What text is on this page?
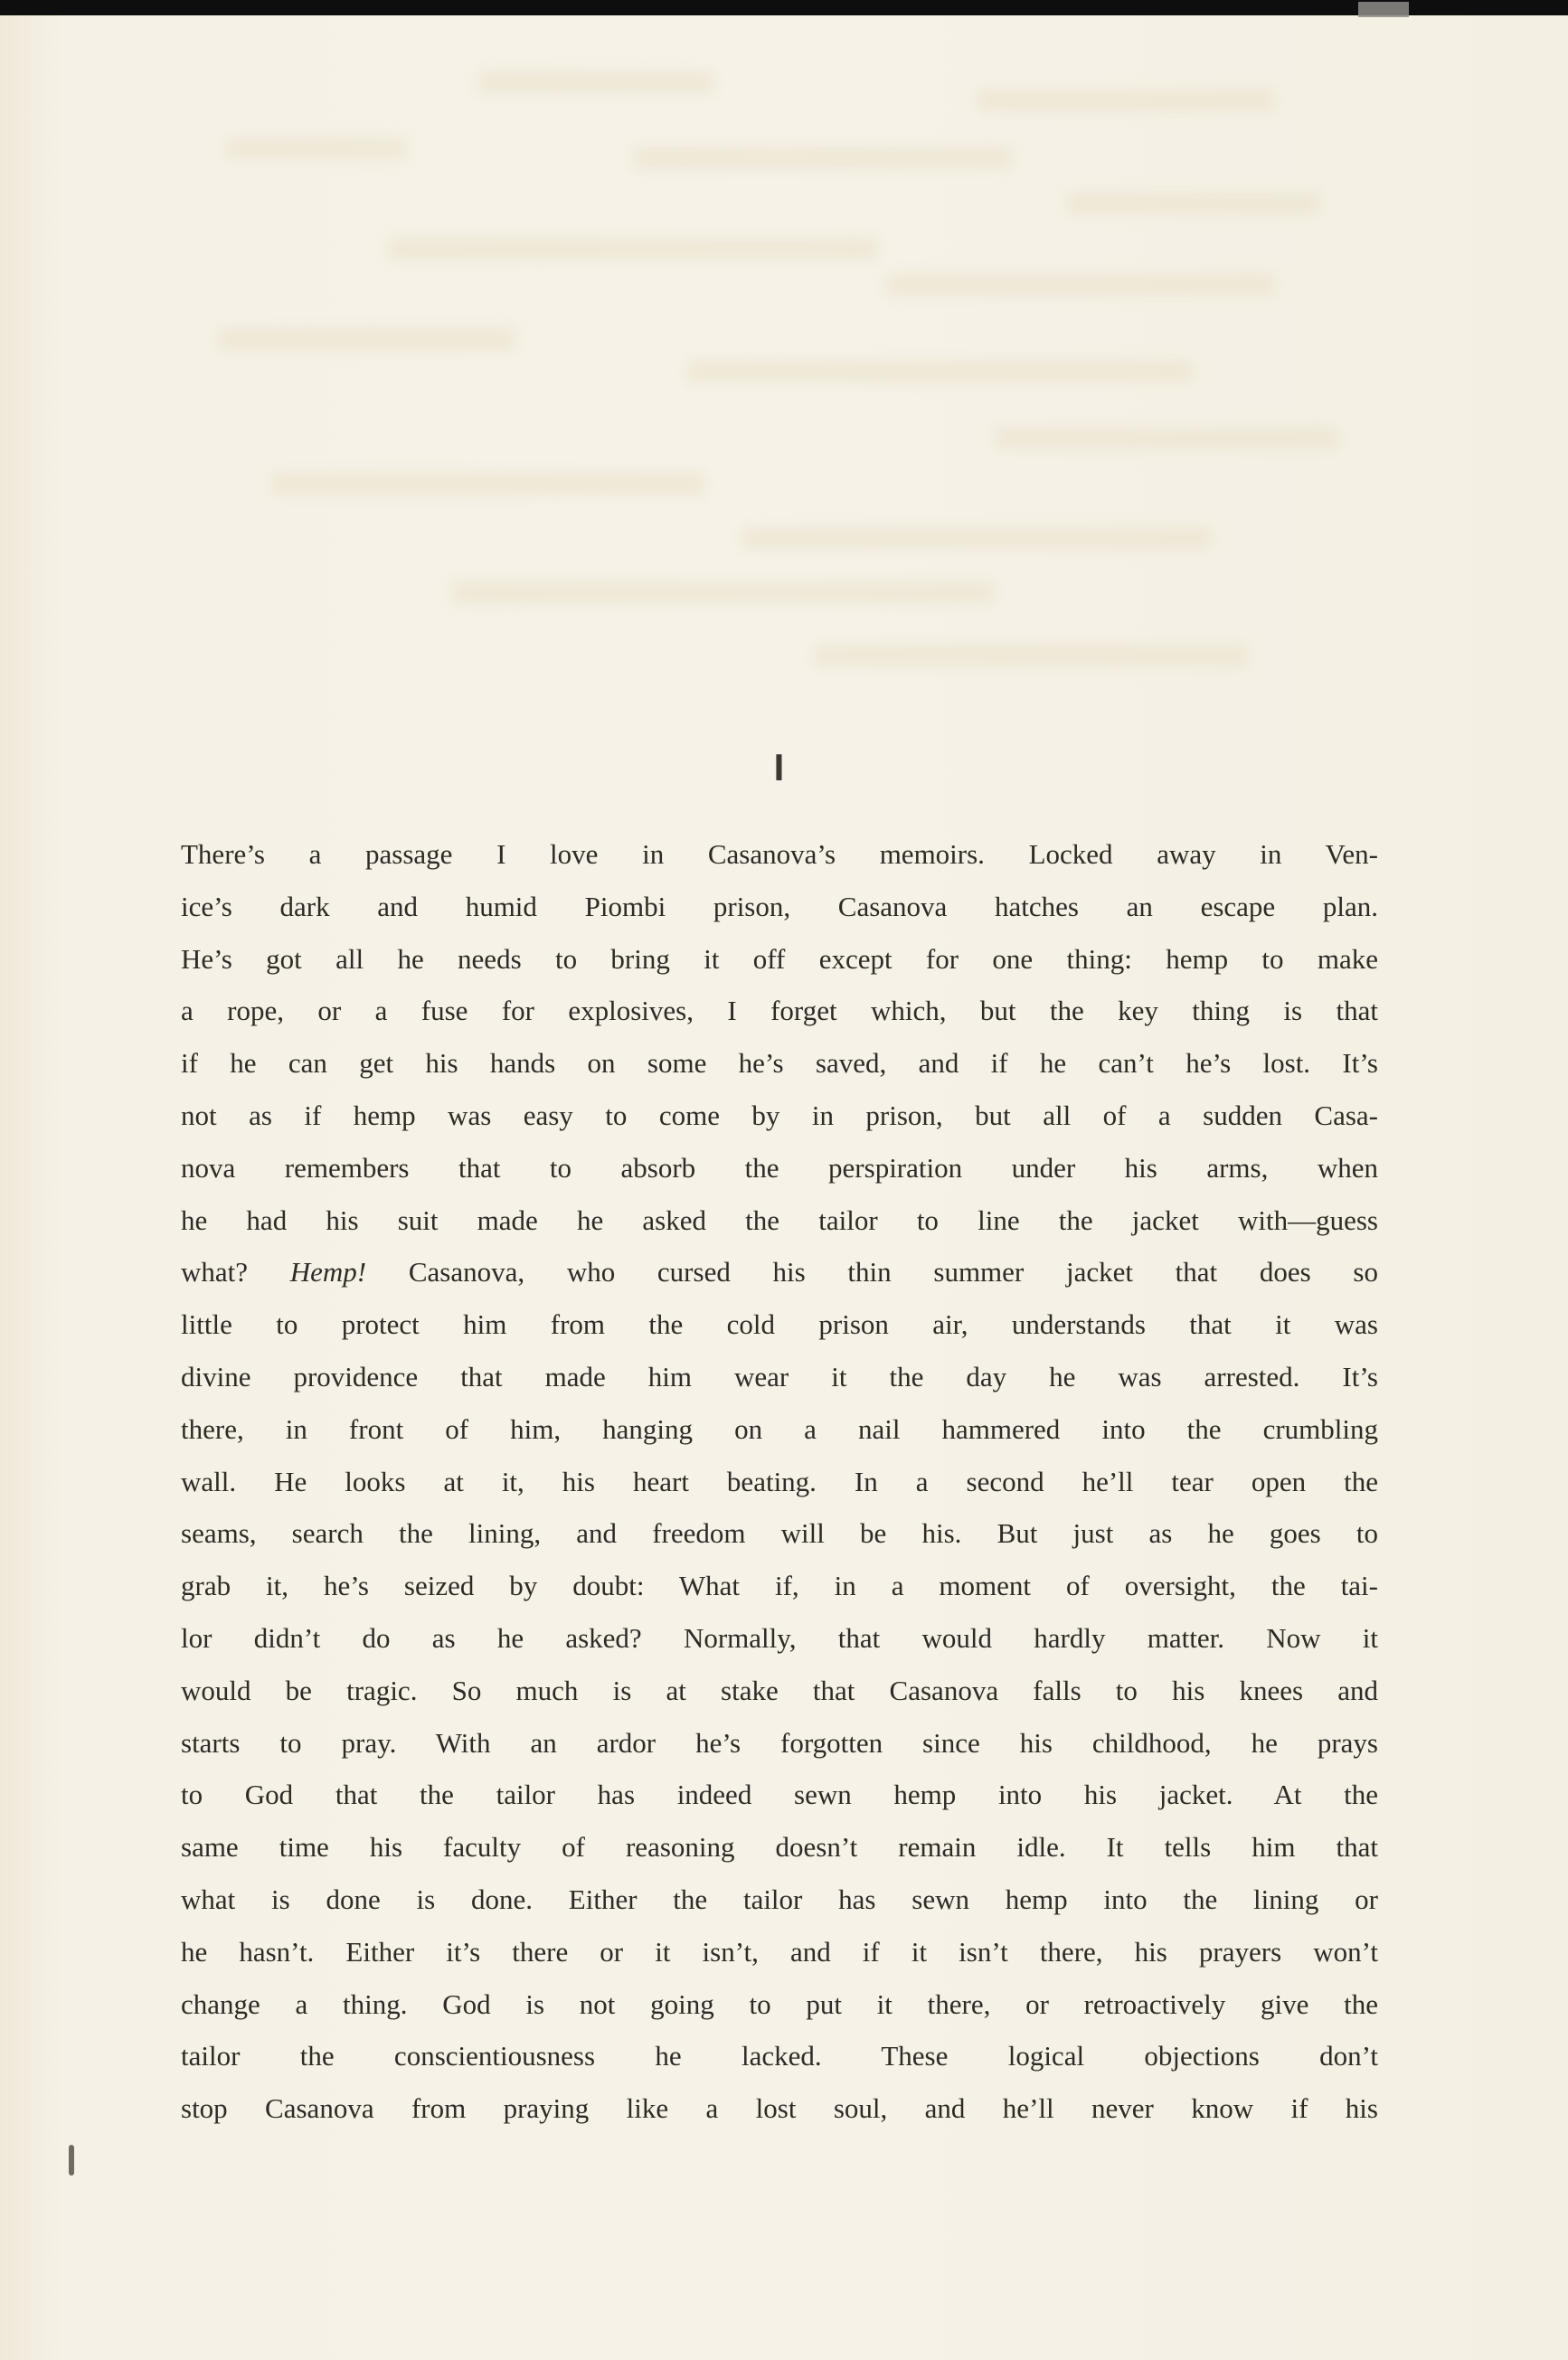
I
There’s a passage I love in Casanova’s memoirs. Locked away in Ven-
ice’s dark and humid Piombi prison, Casanova hatches an escape plan.
He’s got all he needs to bring it off except for one thing: hemp to make
a rope, or a fuse for explosives, I forget which, but the key thing is that
if he can get his hands on some he’s saved, and if he can’t he’s lost. It’s
not as if hemp was easy to come by in prison, but all of a sudden Casa-
nova remembers that to absorb the perspiration under his arms, when
he had his suit made he asked the tailor to line the jacket with—guess
what? Hemp! Casanova, who cursed his thin summer jacket that does so
little to protect him from the cold prison air, understands that it was
divine providence that made him wear it the day he was arrested. It’s
there, in front of him, hanging on a nail hammered into the crumbling
wall. He looks at it, his heart beating. In a second he’ll tear open the
seams, search the lining, and freedom will be his. But just as he goes to
grab it, he’s seized by doubt: What if, in a moment of oversight, the tai-
lor didn’t do as he asked? Normally, that would hardly matter. Now it
would be tragic. So much is at stake that Casanova falls to his knees and
starts to pray. With an ardor he’s forgotten since his childhood, he prays
to God that the tailor has indeed sewn hemp into his jacket. At the
same time his faculty of reasoning doesn’t remain idle. It tells him that
what is done is done. Either the tailor has sewn hemp into the lining or
he hasn’t. Either it’s there or it isn’t, and if it isn’t there, his prayers won’t
change a thing. God is not going to put it there, or retroactively give the
tailor the conscientiousness he lacked. These logical objections don’t
stop Casanova from praying like a lost soul, and he’ll never know if his
